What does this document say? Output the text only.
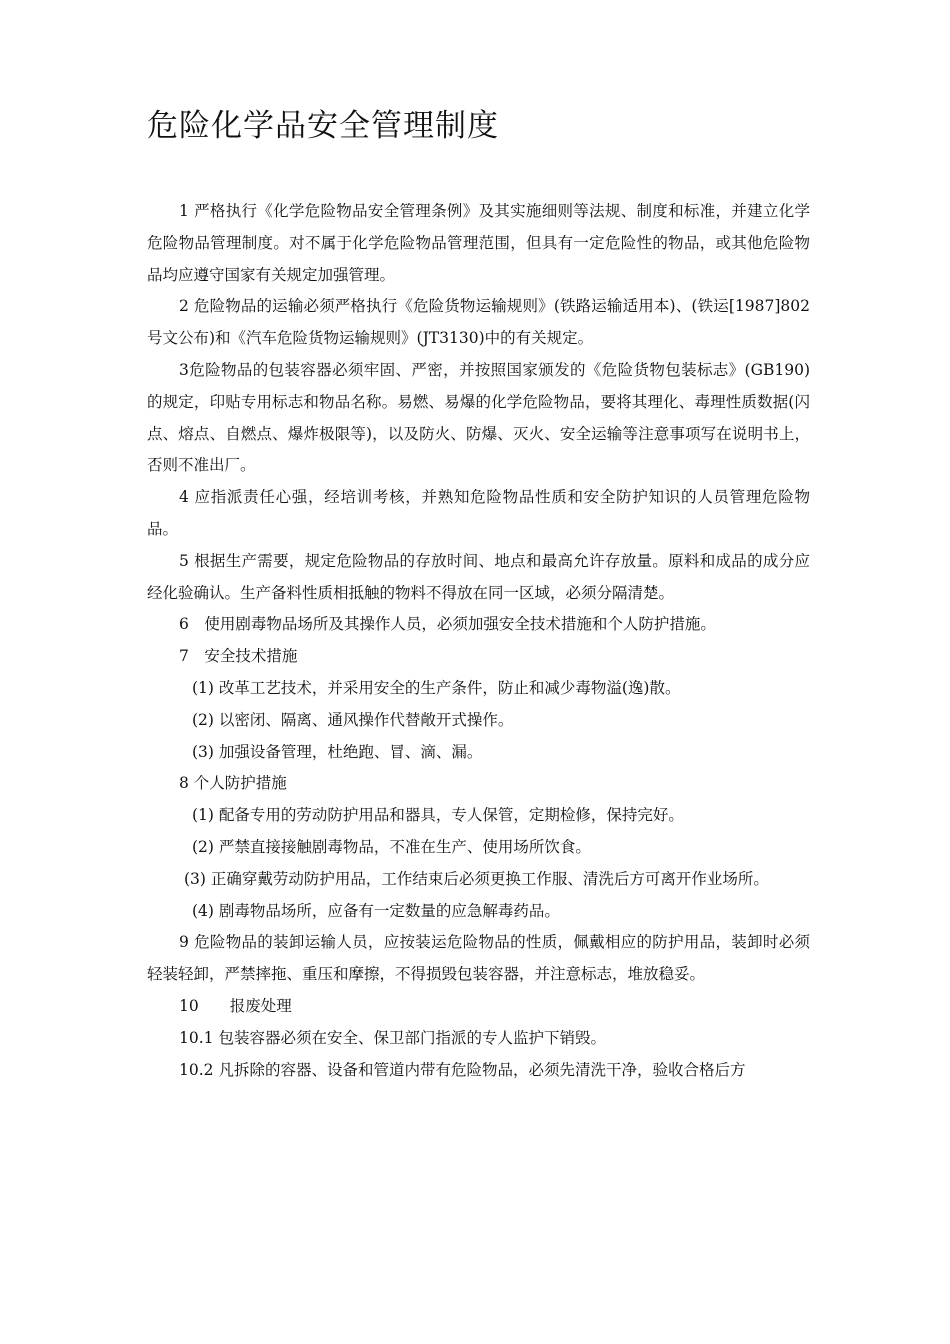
危险化学品安全管理制度

1 严格执行《化学危险物品安全管理条例》及其实施细则等法规、制度和标准，并建立化学危险物品管理制度。对不属于化学危险物品管理范围，但具有一定危险性的物品，或其他危险物品均应遵守国家有关规定加强管理。

2 危险物品的运输必须严格执行《危险货物运输规则》(铁路运输适用本)、(铁运[1987]802号文公布)和《汽车危险货物运输规则》(JT3130)中的有关规定。

3危险物品的包装容器必须牢固、严密，并按照国家颁发的《危险货物包装标志》(GB190)的规定，印贴专用标志和物品名称。易燃、易爆的化学危险物品，要将其理化、毒理性质数据(闪点、熔点、自燃点、爆炸极限等)，以及防火、防爆、灭火、安全运输等注意事项写在说明书上，否则不准出厂。

4 应指派责任心强，经培训考核，并熟知危险物品性质和安全防护知识的人员管理危险物品。

5 根据生产需要，规定危险物品的存放时间、地点和最高允许存放量。原料和成品的成分应经化验确认。生产备料性质相抵触的物料不得放在同一区域，必须分隔清楚。

6　使用剧毒物品场所及其操作人员，必须加强安全技术措施和个人防护措施。

7　安全技术措施

(1) 改革工艺技术，并采用安全的生产条件，防止和减少毒物溢(逸)散。

(2) 以密闭、隔离、通风操作代替敞开式操作。

(3) 加强设备管理，杜绝跑、冒、滴、漏。

8 个人防护措施

(1) 配备专用的劳动防护用品和器具，专人保管，定期检修，保持完好。

(2) 严禁直接接触剧毒物品，不准在生产、使用场所饮食。

(3) 正确穿戴劳动防护用品，工作结束后必须更换工作服、清洗后方可离开作业场所。

(4) 剧毒物品场所，应备有一定数量的应急解毒药品。

9 危险物品的装卸运输人员，应按装运危险物品的性质，佩戴相应的防护用品，装卸时必须轻装轻卸，严禁摔拖、重压和摩擦，不得损毁包装容器，并注意标志，堆放稳妥。

10　　报废处理

10.1 包装容器必须在安全、保卫部门指派的专人监护下销毁。

10.2 凡拆除的容器、设备和管道内带有危险物品，必须先清洗干净，验收合格后方
